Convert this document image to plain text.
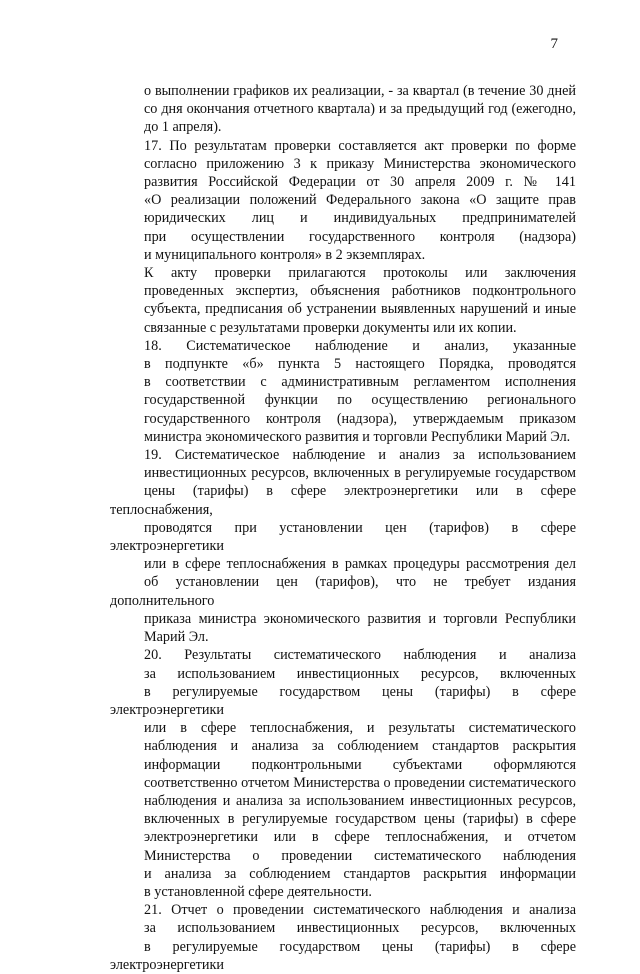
7
о выполнении графиков их реализации, - за квартал (в течение 30 дней
со дня окончания отчетного квартала) и за предыдущий год (ежегодно,
до 1 апреля).
17. По результатам проверки составляется акт проверки по форме
согласно приложению 3 к приказу Министерства экономического
развития Российской Федерации от 30 апреля 2009 г. № 141
«О реализации положений Федерального закона «О защите прав
юридических лиц и индивидуальных предпринимателей
при осуществлении государственного контроля (надзора)
и муниципального контроля» в 2 экземплярах.
К акту проверки прилагаются протоколы или заключения
проведенных экспертиз, объяснения работников подконтрольного
субъекта, предписания об устранении выявленных нарушений и иные
связанные с результатами проверки документы или их копии.
18. Систематическое наблюдение и анализ, указанные
в подпункте «б» пункта 5 настоящего Порядка, проводятся
в соответствии с административным регламентом исполнения
государственной функции по осуществлению регионального
государственного контроля (надзора), утверждаемым приказом
министра экономического развития и торговли Республики Марий Эл.
19. Систематическое наблюдение и анализ за использованием
инвестиционных ресурсов, включенных в регулируемые государством
цены (тарифы) в сфере электроэнергетики или в сфере теплоснабжения,
проводятся при установлении цен (тарифов) в сфере электроэнергетики
или в сфере теплоснабжения в рамках процедуры рассмотрения дел
об установлении цен (тарифов), что не требует издания дополнительного
приказа министра экономического развития и торговли Республики
Марий Эл.
20. Результаты систематического наблюдения и анализа
за использованием инвестиционных ресурсов, включенных
в регулируемые государством цены (тарифы) в сфере электроэнергетики
или в сфере теплоснабжения, и результаты систематического
наблюдения и анализа за соблюдением стандартов раскрытия
информации подконтрольными субъектами оформляются
соответственно отчетом Министерства о проведении систематического
наблюдения и анализа за использованием инвестиционных ресурсов,
включенных в регулируемые государством цены (тарифы) в сфере
электроэнергетики или в сфере теплоснабжения, и отчетом
Министерства о проведении систематического наблюдения
и анализа за соблюдением стандартов раскрытия информации
в установленной сфере деятельности.
21. Отчет о проведении систематического наблюдения и анализа
за использованием инвестиционных ресурсов, включенных
в регулируемые государством цены (тарифы) в сфере электроэнергетики
